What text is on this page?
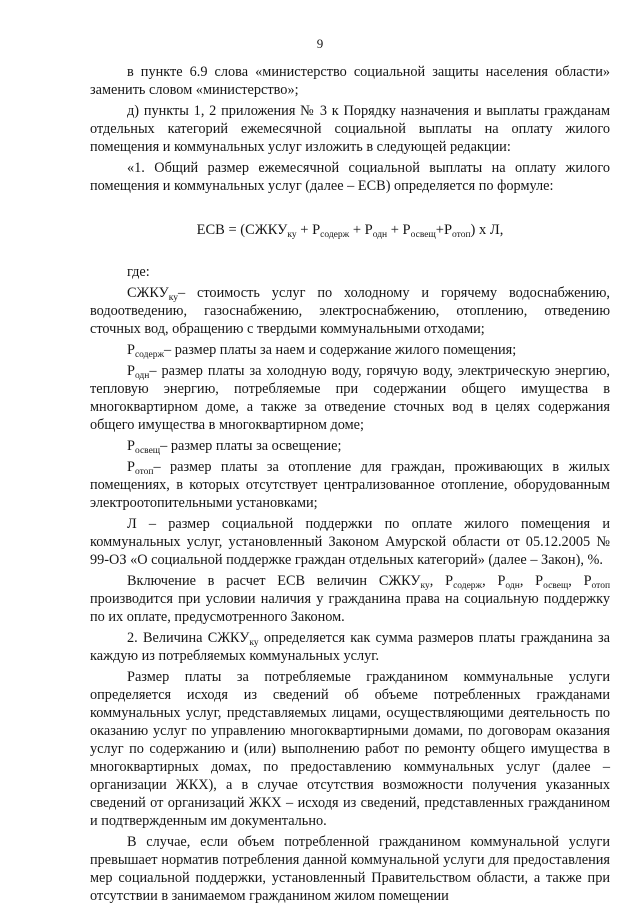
9

в пункте 6.9 слова «министерство социальной защиты населения области» заменить словом «министерство»;

д) пункты 1, 2 приложения № 3 к Порядку назначения и выплаты гражданам отдельных категорий ежемесячной социальной выплаты на оплату жилого помещения и коммунальных услуг изложить в следующей редакции:

«1. Общий размер ежемесячной социальной выплаты на оплату жилого помещения и коммунальных услуг (далее – ЕСВ) определяется по формуле:

ЕСВ = $(СЖКУ_{ку} + Р_{содерж} + Р_{одн} + Р_{освещ}+Р_{отоп})$ х Л,

где:

$СЖКУ_{ку}-$ стоимость услуг по холодному и горячему водоснабжению, водоотведению, газоснабжению, электроснабжению, отоплению, отведению сточных вод, обращению с твердыми коммунальными отходами;

$Р_{содерж}-$ размер платы за наем и содержание жилого помещения;

$Р_{одн}-$ размер платы за холодную воду, горячую воду, электрическую энергию, тепловую энергию, потребляемые при содержании общего имущества в многоквартирном доме, а также за отведение сточных вод в целях содержания общего имущества в многоквартирном доме;

$Р_{освещ}-$ размер платы за освещение;

$Р_{отоп}-$ размер платы за отопление для граждан, проживающих в жилых помещениях, в которых отсутствует централизованное отопление, оборудованным электроотопительными установками;

Л – размер социальной поддержки по оплате жилого помещения и коммунальных услуг, установленный Законом Амурской области от 05.12.2005 № 99-ОЗ «О социальной поддержке граждан отдельных категорий» (далее – Закон), %.

Включение в расчет ЕСВ величин $СЖКУ_{ку}$, $Р_{содерж}$, $Р_{одн}$, $Р_{освещ}$, $Р_{отоп}$ производится при условии наличия у гражданина права на социальную поддержку по их оплате, предусмотренного Законом.

2. Величина $СЖКУ_{ку}$ определяется как сумма размеров платы гражданина за каждую из потребляемых коммунальных услуг.

Размер платы за потребляемые гражданином коммунальные услуги определяется исходя из сведений об объеме потребленных гражданами коммунальных услуг, представляемых лицами, осуществляющими деятельность по оказанию услуг по управлению многоквартирными домами, по договорам оказания услуг по содержанию и (или) выполнению работ по ремонту общего имущества в многоквартирных домах, по предоставлению коммунальных услуг (далее – организации ЖКХ), а в случае отсутствия возможности получения указанных сведений от организаций ЖКХ – исходя из сведений, представленных гражданином и подтвержденным им документально.

В случае, если объем потребленной гражданином коммунальной услуги превышает норматив потребления данной коммунальной услуги для предоставления мер социальной поддержки, установленный Правительством области, а также при отсутствии в занимаемом гражданином жилом помещении
